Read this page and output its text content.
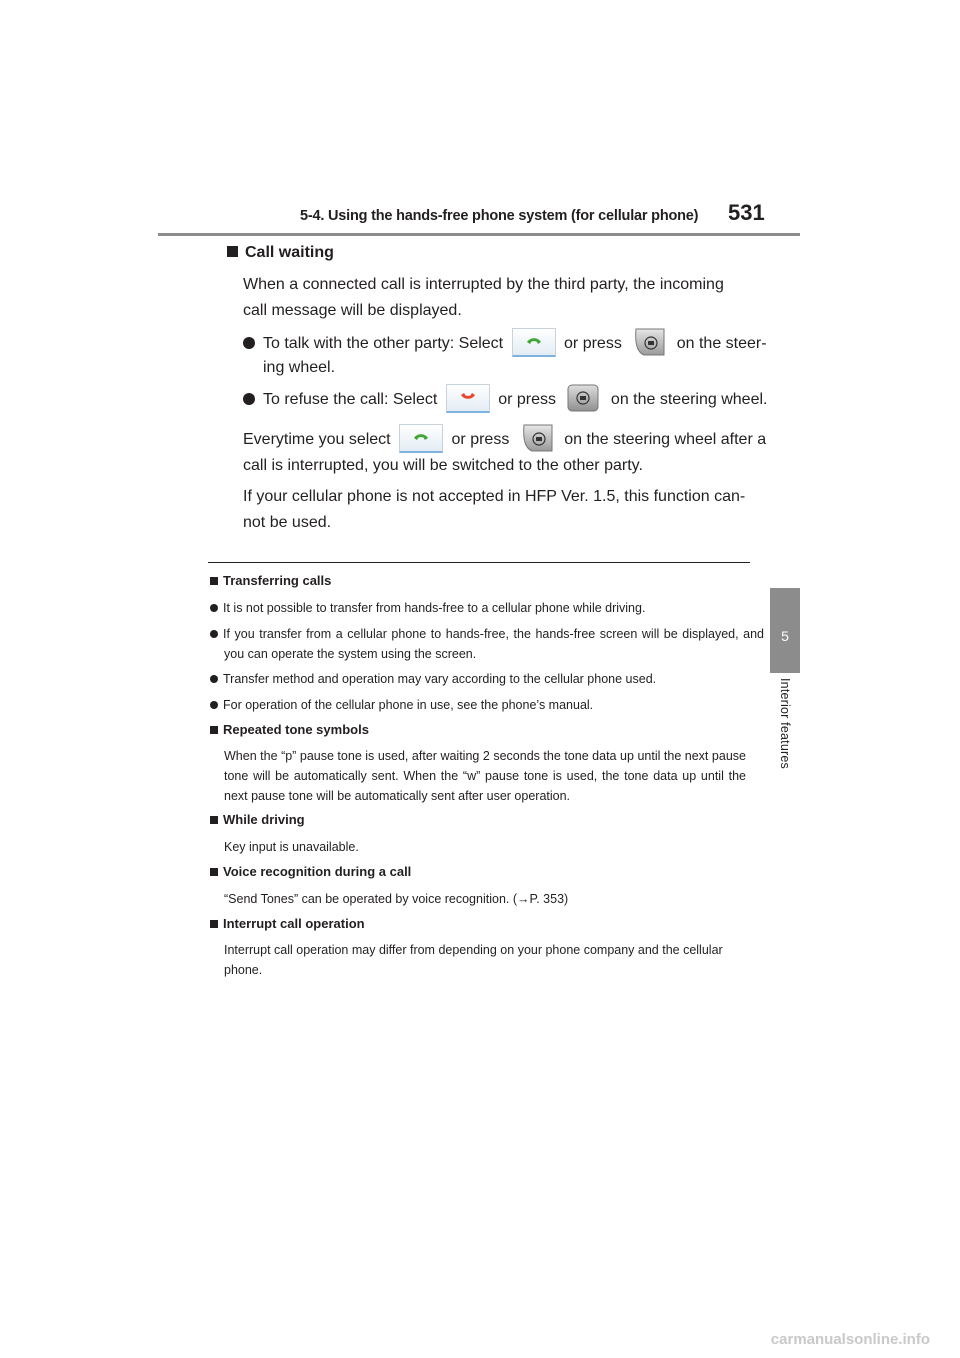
5-4. Using the hands-free phone system (for cellular phone) 531
5
Interior features
Call waiting
When a connected call is interrupted by the third party, the incoming
call message will be displayed.
To talk with the other party: Select	or press	on the steer-
ing wheel.
To refuse the call: Select	or press	on the steering wheel.
Everytime you select	or press	on the steering wheel after a
call is interrupted, you will be switched to the other party.
If your cellular phone is not accepted in HFP Ver. 1.5, this function can-
not be used.
Transferring calls
It is not possible to transfer from hands-free to a cellular phone while driving.
If you transfer from a cellular phone to hands-free, the hands-free screen will be displayed, and you can operate the system using the screen.
Transfer method and operation may vary according to the cellular phone used.
For operation of the cellular phone in use, see the phone’s manual.
Repeated tone symbols
When the “p” pause tone is used, after waiting 2 seconds the tone data up until the next pause tone will be automatically sent. When the “w” pause tone is used, the tone data up until the next pause tone will be automatically sent after user operation.
While driving
Key input is unavailable.
Voice recognition during a call
“Send Tones” can be operated by voice recognition. (→P. 353)
Interrupt call operation
Interrupt call operation may differ from depending on your phone company and the cellular phone.
carmanualsonline.info
